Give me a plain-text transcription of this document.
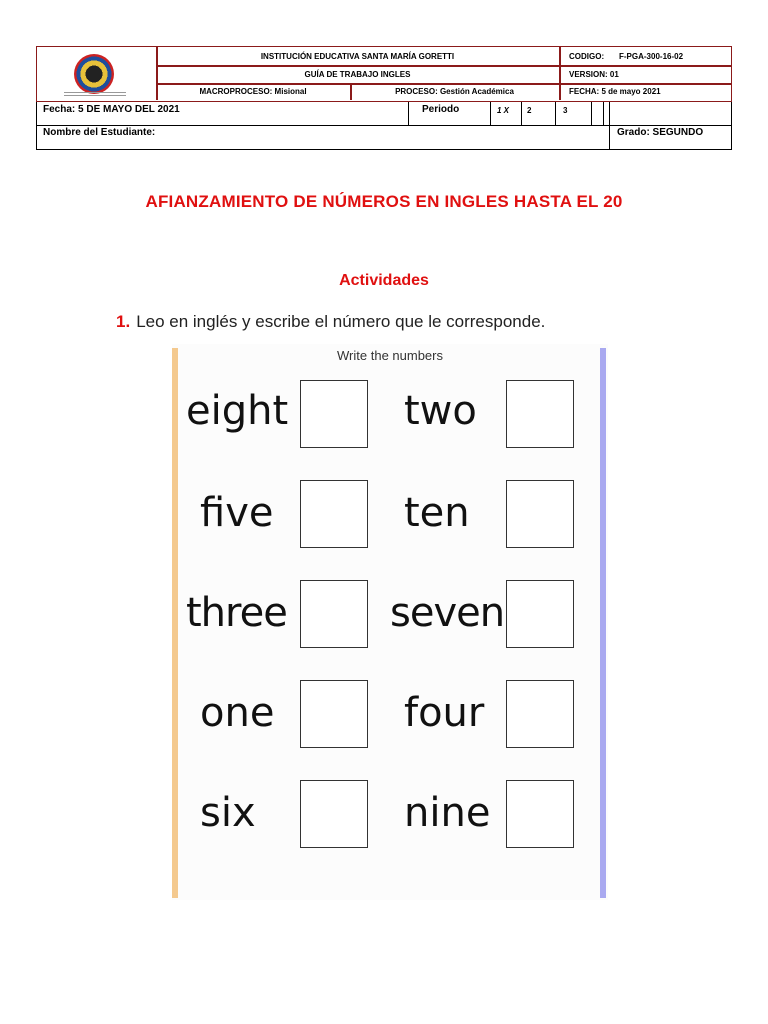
INSTITUCIÓN EDUCATIVA SANTA MARÍA GORETTI
GUÍA DE TRABAJO INGLES
MACROPROCESO: Misional	PROCESO: Gestión Académica
CODIGO: F-PGA-300-16-02
VERSION: 01
FECHA: 5 de mayo 2021
Fecha: 5 DE MAYO DEL 2021	Periodo	1 X 2	3
Nombre del Estudiante:	Grado: SEGUNDO
AFIANZAMIENTO DE NÚMEROS EN INGLES HASTA EL 20
Actividades
1. Leo en inglés y escribe el número que le corresponde.
Write the numbers
eight	two
five	ten
three	seven
one	four
six	nine
